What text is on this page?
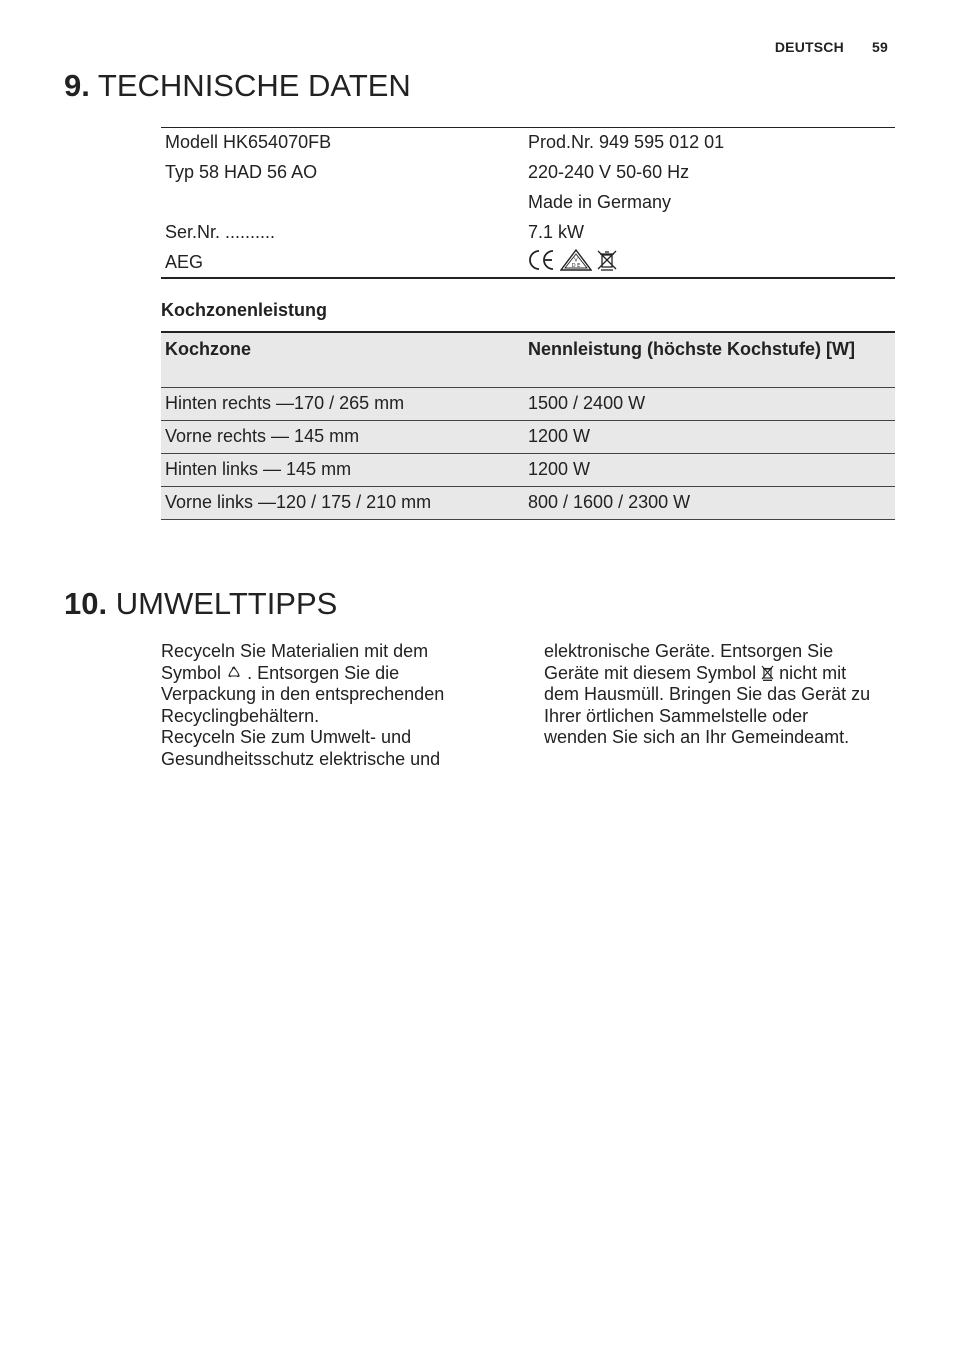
DEUTSCH 59
9. TECHNISCHE DATEN
Modell HK654070FB	Prod.Nr. 949 595 012 01
Typ 58 HAD 56 AO	220-240 V 50-60 Hz
	Made in Germany
Ser.Nr. ..........	7.1 kW
AEG	V
D E
Kochzonenleistung
Kochzone	Nennleistung (höchste Kochstufe) [W]
Hinten rechts —170 / 265 mm	1500 / 2400 W
Vorne rechts — 145 mm	1200 W
Hinten links — 145 mm	1200 W
Vorne links —120 / 175 / 210 mm	800 / 1600 / 2300 W
10. UMWELTTIPPS

Recyceln Sie Materialien mit dem Symbol . Entsorgen Sie die Verpackung in den entsprechenden Recyclingbehältern.

Recyceln Sie zum Umwelt- und Gesundheitsschutz elektrische und

elektronische Geräte. Entsorgen Sie Geräte mit diesem Symbol nicht mit dem Hausmüll. Bringen Sie das Gerät zu Ihrer örtlichen Sammelstelle oder wenden Sie sich an Ihr Gemeindeamt.
